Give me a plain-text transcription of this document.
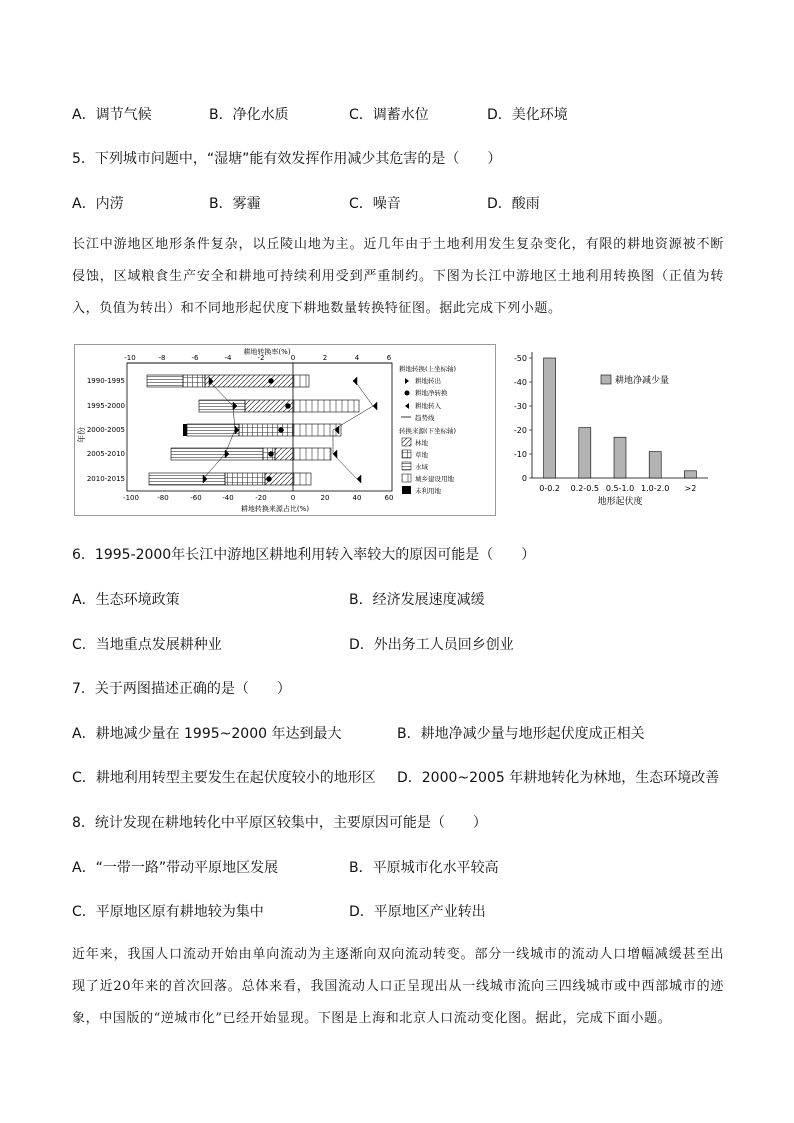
A．调节气候	B．净化水质	C．调蓄水位	D．美化环境
5．下列城市问题中，“湿塘”能有效发挥作用减少其危害的是（　　）
A．内涝	B．雾霾	C．噪音	D．酸雨
长江中游地区地形条件复杂，以丘陵山地为主。近几年由于土地利用发生复杂变化，有限的耕地资源被不断侵蚀，区域粮食生产安全和耕地可持续利用受到严重制约。下图为长江中游地区土地利用转换图（正值为转入，负值为转出）和不同地形起伏度下耕地数量转换特征图。据此完成下列小题。
耕地转换率(%)
-10	-8	-6	-4	-2	0	2	4	6
年份
1990-1995
1995-2000
2000-2005
2005-2010
2010-2015
-100	-80	-60	-40	-20	0	20	40	60
耕地转换来源占比(%)
耕地转换(上坐标轴)
耕地转出
耕地净转换
耕地转入
趋势线
转换来源(下坐标轴)
林地
草地
水域
城乡建设用地
未利用地
-50
-40
-30
-20
-10
0
0-0.2 0.2-0.5 0.5-1.0 1.0-2.0 >2
耕地净减少量
地形起伏度
6．1995-2000年长江中游地区耕地利用转入率较大的原因可能是（　　）
A．生态环境政策	B．经济发展速度减缓
C．当地重点发展耕种业	D．外出务工人员回乡创业
7．关于两图描述正确的是（　　）
A．耕地减少量在 1995~2000 年达到最大	B．耕地净减少量与地形起伏度成正相关
C．耕地利用转型主要发生在起伏度较小的地形区 D．2000~2005 年耕地转化为林地，生态环境改善
8．统计发现在耕地转化中平原区较集中，主要原因可能是（　　）
A．“一带一路”带动平原地区发展	B．平原城市化水平较高
C．平原地区原有耕地较为集中	D．平原地区产业转出
近年来，我国人口流动开始由单向流动为主逐渐向双向流动转变。部分一线城市的流动人口增幅减缓甚至出现了近20年来的首次回落。总体来看，我国流动人口正呈现出从一线城市流向三四线城市或中西部城市的迹象，中国版的“逆城市化”已经开始显现。下图是上海和北京人口流动变化图。据此，完成下面小题。
